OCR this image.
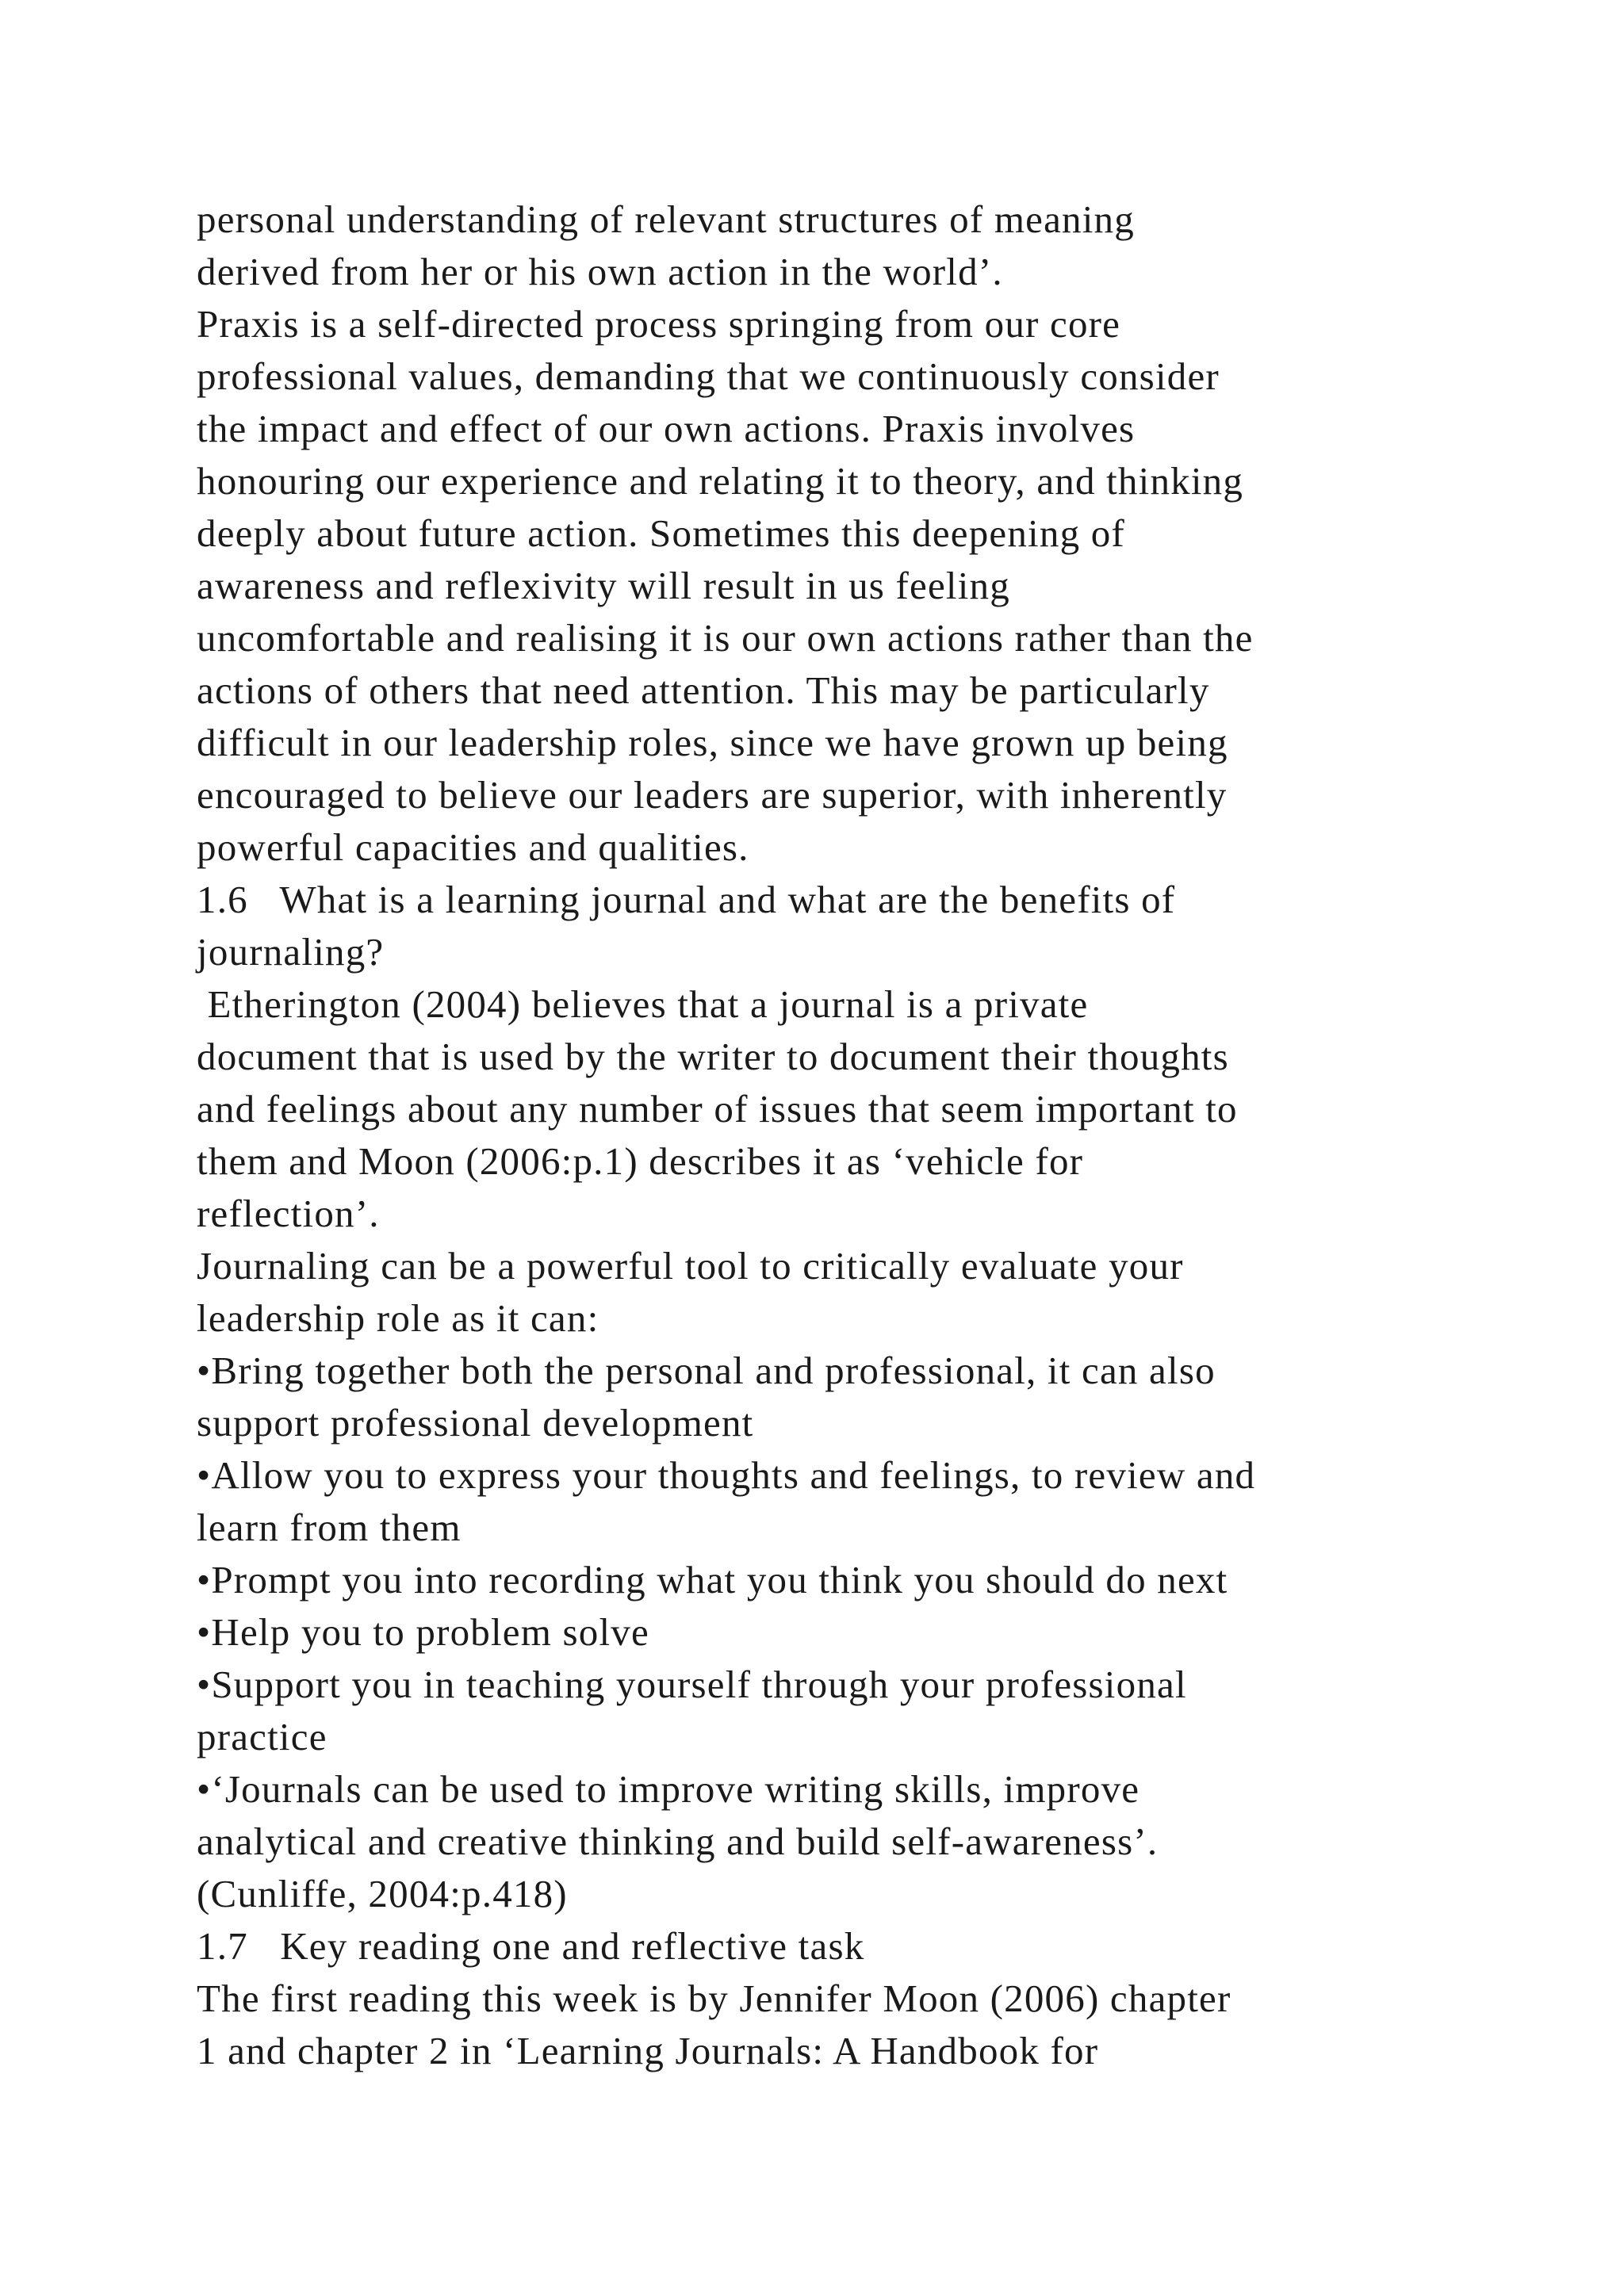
personal understanding of relevant structures of meaning
derived from her or his own action in the world’.
Praxis is a self-directed process springing from our core
professional values, demanding that we continuously consider
the impact and effect of our own actions. Praxis involves
honouring our experience and relating it to theory, and thinking
deeply about future action. Sometimes this deepening of
awareness and reflexivity will result in us feeling
uncomfortable and realising it is our own actions rather than the
actions of others that need attention. This may be particularly
difficult in our leadership roles, since we have grown up being
encouraged to believe our leaders are superior, with inherently
powerful capacities and qualities.
1.6   What is a learning journal and what are the benefits of
journaling?
Etherington (2004) believes that a journal is a private
document that is used by the writer to document their thoughts
and feelings about any number of issues that seem important to
them and Moon (2006:p.1) describes it as ‘vehicle for
reflection’.
Journaling can be a powerful tool to critically evaluate your
leadership role as it can:
•Bring together both the personal and professional, it can also
support professional development
•Allow you to express your thoughts and feelings, to review and
learn from them
•Prompt you into recording what you think you should do next
•Help you to problem solve
•Support you in teaching yourself through your professional
practice
•‘Journals can be used to improve writing skills, improve
analytical and creative thinking and build self-awareness’.
(Cunliffe, 2004:p.418)
1.7   Key reading one and reflective task
The first reading this week is by Jennifer Moon (2006) chapter
1 and chapter 2 in ‘Learning Journals: A Handbook for
